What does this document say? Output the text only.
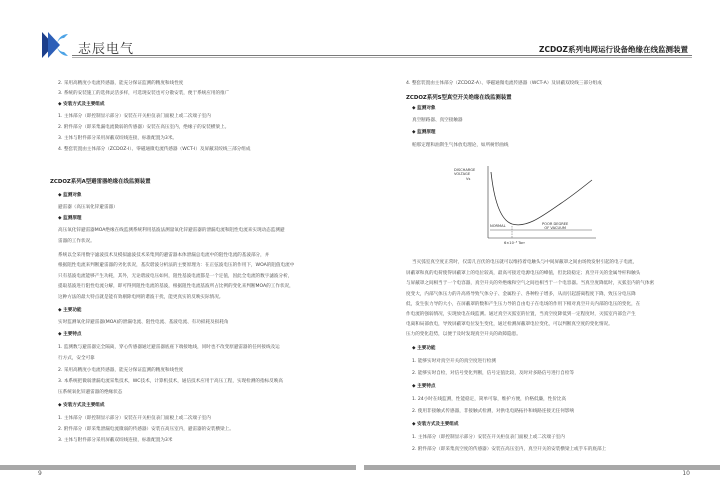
志辰电气	ZCDOZ系列电网运行设备绝缘在线监测装置
2. 采用高精度小电流传感器，能充分保证监测的精度和线性度
3. 系统的安装施工的选择灵活多样，可选现安装也可分散安装，便于系统应用的推广
◆ 安装方式及主要组成
1. 主体部分（即控制显示部分）安装在开关柜仪表门面板上或二次端子室内
2. 附件部分（即采集漏电流微弱的传感器）安装在高压室内，绝缘子的安装横梁上。
3. 主体与附件部分采用屏蔽双绞线连接，标准配置为3米。
4. 整套装置由主体部分（ZCDOZ-I）、零磁通微电流传感器（WCT-I）及屏蔽双绞线三部分组成
ZCDOZ系列A型避雷器绝缘在线监测装置
◆ 监测对象
避雷器（高压氧化锌避雷器）
◆ 监测原理
高压氧化锌避雷器MOA绝缘在线监测系统利用基波法测量氧化锌避雷器的泄漏电流和阻性电流来实现动态监测避
雷器的工作状况。
系统以全采用数字滤波技术及模拟滤波技术采集到的避雷器本体泄漏总电流中的阻性电流的基波部分，并
根据阻性电流来判断避雷器的劣化状况，基次谐波分析法的主要原理为：在正弦波电压的作用下，WOA的阻值电流中
只有基波电流能够产生功耗，其外，无论谐波电压如何，阻性基波电流都是一个定值，因此全电流的数字滤波分析，
提取基波进行阻性电流分解，即可得到阻性电流的基波，根据阻性电流基波所占比例的变化来判断MOA的工作状况，
这种方法的最大特点就是能有效剔除电网的谐波干扰，能更真实的反映实际情况。
◆ 主要功能
实时监测氧化锌避雷器(MOA)的泄漏电流、阻性电流、基波电流、有功损耗及损耗角
◆ 主要特点
1. 监测数与避雷器完全隔离，穿心传感器通过避雷器底座下端接地线，同时也不改变原避雷器的任何接线及运
行方式，安全可靠
2. 采用高精度小电流传感器，能充分保证监测的精度和线性度
3. 本系统把微弱泄漏电流采集技术，WC技术，计算机技术，通信技术应用于高压工程，实现检测的指标反映高
压系统氧化锌避雷器的绝缘状态
◆ 安装方式及主要组成
1. 主体部分（即控制显示部分）安装在开关柜仪表门面板上或二次端子室内
2. 附件部分（即采集泄漏电流微弱的传感器）安装在高压室内，避雷器的安装横梁上。
3. 主体与附件部分采用屏蔽双绞线连接，标准配置为3米
4. 整套装置由主体部分（ZCDOZ-A）、零磁通微电流传感器（WCT-A）及屏蔽双绞线三部分组成
ZCDOZ系列S型真空开关绝缘在线监测装置
◆ 监测对象
真空断路器、真空接触器
◆ 监测原理
帕那定理和油斯生气体放电理论，如所树形曲线
DISCHARGE
VOLTAGE
Vs
NORMAL	POOR DEGREE
OF VACUUM
6×10⁻³ Torr
当灭弧室真空度正常时，仅需几百伏的电压就可以维持着电触头与中间屏蔽罩之间由场致发射引起的电子电流，
屏蔽罩和真的电荷使得屏蔽罩上的电位较高，最高可接近电源电压的峰值，但比较稳定；真空开关的金属导杆和触头
与屏蔽罩之间相当于一个电容器，真空开关的外绝缘和空气之间也相当于一个电容器。当真空度降低时，灭弧室内的气体密
度变大，内部气体压力的升高将导致气体分子、金属粒子、各种粒子增多，从而引起游离程度下降，致压分电压降
低，发生张力导的大小，在屏蔽罩的数和产生压力导的自由电子在电场的作用下相对真空开关内部的电压的变化，在
作电流的强弱情况，实现放电在线监测。通过真空灭弧室的位置，当真空度降低到一定程度时，灭弧室内部会产生
电离和局部放电，导致屏蔽罩电位发生变化，通过检测屏蔽罩电位变化，可以判断真空度的变化情况。
压力的变化趋势，以便于及时发现真空开关的故障隐患。
◆ 主要功能
1. 能够实时对真空开关的真空度进行检测
2. 能够实时自检，对信号变化判断，信号定值比较，及时对多路信号进行自检等
◆ 主要特点
1. 24小时在线监测，性能稳定，简单可靠，维护方便，价格低廉，性价比高
2. 使用非接触式传感器，非接触式检测，对供电电路拓扑和线路连接无任何影响
◆ 安装方式及主要组成
1. 主体部分（即控制显示部分）安装在开关柜仪表门面板上或二次端子室内
2. 附件部分（即采集真空度的传感器）安装在高压室内，真空开关的安装横梁上或手车的底部上
9	10
